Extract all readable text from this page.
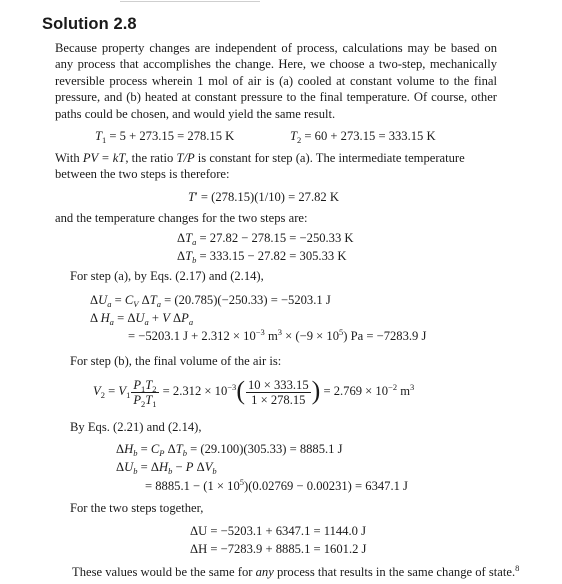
Solution 2.8

Because property changes are independent of process, calculations may be based on any process that accomplishes the change. Here, we choose a two-step, mechanically reversible process wherein 1 mol of air is (a) cooled at constant volume to the final pressure, and (b) heated at constant pressure to the final temperature. Of course, other paths could be chosen, and would yield the same result.

$T_1 = 5 + 273.15 = 278.15$ K	$T_2 = 60 + 273.15 = 333.15$ K
With PV = kT, the ratio T/P is constant for step (a). The intermediate temperature
between the two steps is therefore:
T′ = (278.15)(1/10) = 27.82 K
and the temperature changes for the two steps are:
$\Delta T_a = 27.82 - 278.15 = -250.33$ K
$\Delta T_b = 333.15 - 27.82 = 305.33$ K
For step (a), by Eqs. (2.17) and (2.14),
$\Delta U_a = C_V$ $\Delta T_a = (20.785)(-250.33) = -5203.1$ J
Δ $H_a = \Delta U_a + V$ $\Delta P_a$
= −5203.1 $J + 2.312 \times 10^{-3}$ $m^3 \times (-9 \times 10^5) Pa = -7283.9$ J
For step (b), the final volume of the air is:
$V_2 = V_1 \frac{P_1T_2}{P_2T_1} = 2.312 \times 10^{-3}( \frac{10 \times 333.15}{1 \times 278.15}$ ) = $2.769 \times 10^{-2}$ $m^3$
By Eqs. (2.21) and (2.14),
$\Delta H_b = C_P$ $\Delta T_b = (29.100)(305.33) = 8885.1$ J
$\Delta U_b = \Delta H_b - P$ $\Delta V_b$
= $8885.1 - (1 \times 10^5)(0.02769 - 0.00231) = 6347.1$ J
For the two steps together,
ΔU = −5203.1 + 6347.1 = 1144.0 J
ΔH = −7283.9 + 8885.1 = 1601.2 J
These values would be the same for any process that results in the same change of state.$^8$
